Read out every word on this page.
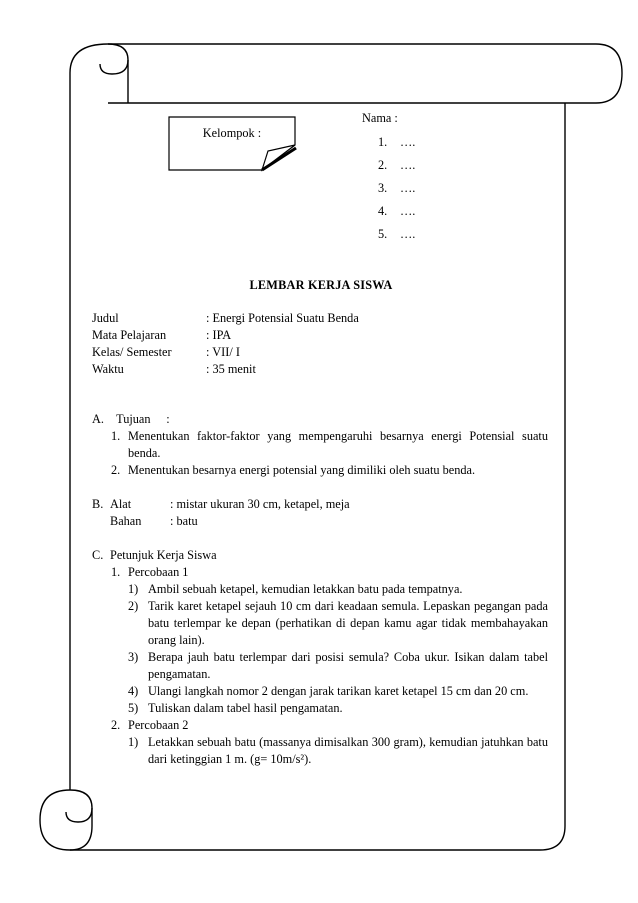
Kelompok :
Nama :
1. ….
2. ….
3. ….
4. ….
5. ….
LEMBAR KERJA SISWA
Judul	: Energi Potensial Suatu Benda
Mata Pelajaran	: IPA
Kelas/ Semester	: VII/ I
Waktu	: 35 menit
A. Tujuan :
1. Menentukan faktor-faktor yang mempengaruhi besarnya energi Potensial suatu benda.
2. Menentukan besarnya energi potensial yang dimiliki oleh suatu benda.
B. Alat	: mistar ukuran 30 cm, ketapel, meja
Bahan : batu
C. Petunjuk Kerja Siswa
1. Percobaan 1
1) Ambil sebuah ketapel, kemudian letakkan batu pada tempatnya.
2) Tarik karet ketapel sejauh 10 cm dari keadaan semula. Lepaskan pegangan pada batu terlempar ke depan (perhatikan di depan kamu agar tidak membahayakan orang lain).
3) Berapa jauh batu terlempar dari posisi semula? Coba ukur. Isikan dalam tabel pengamatan.
4) Ulangi langkah nomor 2 dengan jarak tarikan karet ketapel 15 cm dan 20 cm.
5) Tuliskan dalam tabel hasil pengamatan.
2. Percobaan 2
1) Letakkan sebuah batu (massanya dimisalkan 300 gram), kemudian jatuhkan batu dari ketinggian 1 m. (g= 10m/s²).
